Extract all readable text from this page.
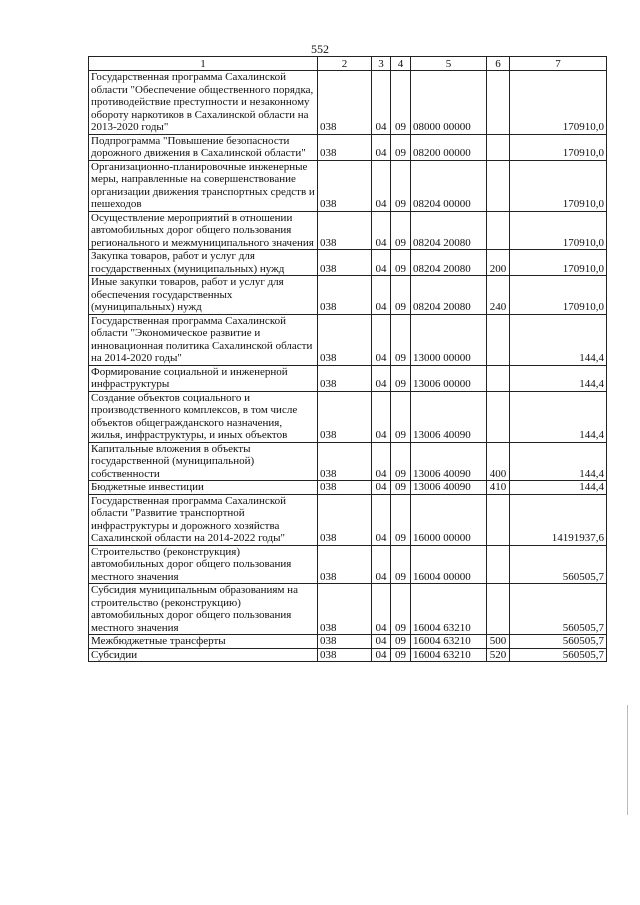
552
1	2	3	4	5	6	7
Государственная программа Сахалинской области "Обеспечение общественного порядка, противодействие преступности и незаконному обороту наркотиков в Сахалинской области на 2013-2020 годы"	038	04	09	08000 00000		170910,0
Подпрограмма "Повышение безопасности дорожного движения в Сахалинской области"	038	04	09	08200 00000		170910,0
Организационно-планировочные инженерные меры, направленные на совершенствование организации движения транспортных средств и пешеходов	038	04	09	08204 00000		170910,0
Осуществление мероприятий в отношении автомобильных дорог общего пользования регионального и межмуниципального значения	038	04	09	08204 20080		170910,0
Закупка товаров, работ и услуг для государственных (муниципальных) нужд	038	04	09	08204 20080	200	170910,0
Иные закупки товаров, работ и услуг для обеспечения государственных (муниципальных) нужд	038	04	09	08204 20080	240	170910,0
Государственная программа Сахалинской области "Экономическое развитие и инновационная политика Сахалинской области на 2014-2020 годы"	038	04	09	13000 00000		144,4
Формирование социальной и инженерной инфраструктуры	038	04	09	13006 00000		144,4
Создание объектов социального и производственного комплексов, в том числе объектов общегражданского назначения, жилья, инфраструктуры, и иных объектов	038	04	09	13006 40090		144,4
Капитальные вложения в объекты государственной (муниципальной) собственности	038	04	09	13006 40090	400	144,4
Бюджетные инвестиции	038	04	09	13006 40090	410	144,4
Государственная программа Сахалинской области "Развитие транспортной инфраструктуры и дорожного хозяйства Сахалинской области на 2014-2022 годы"	038	04	09	16000 00000		14191937,6
Строительство (реконструкция) автомобильных дорог общего пользования местного значения	038	04	09	16004 00000		560505,7
Субсидия муниципальным образованиям на строительство (реконструкцию) автомобильных дорог общего пользования местного значения	038	04	09	16004 63210		560505,7
Межбюджетные трансферты	038	04	09	16004 63210	500	560505,7
Субсидии	038	04	09	16004 63210	520	560505,7
